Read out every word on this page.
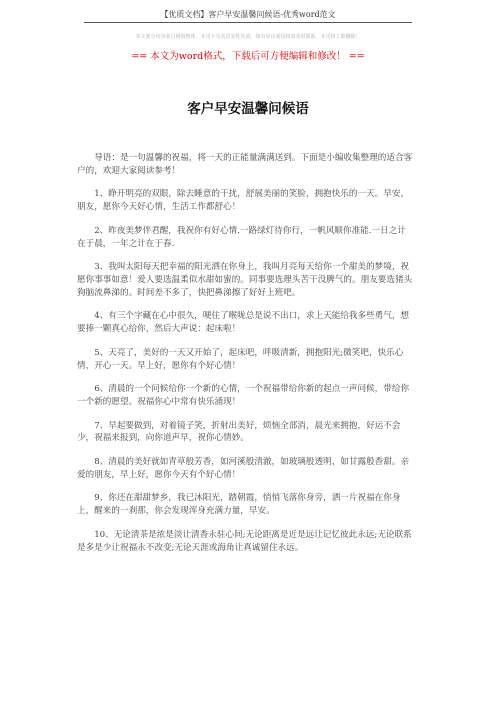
【优质文档】客户早安温馨问候语-优秀word范文
本文部分内容来自网络整理，本司不为其真实性负责，如有异议或侵权请及时联系，本司将立即删除！
== 本文为word格式，下载后可方便编辑和修改！ ==
客户早安温馨问候语

导语：是一句温馨的祝福，将一天的正能量满满送到。下面是小编收集整理的适合客户的，欢迎大家阅读参考！

1、睁开明亮的双眼，除去睡意的干扰，舒展美丽的笑脸，拥抱快乐的一天。早安，朋友，愿你今天好心情，生活工作都舒心！

2、昨夜美梦伴君醒，我祝你有好心情.一路绿灯待你行，一帆风顺你准能.一日之计在于晨，一年之计在于春.

3、我叫太阳每天把幸福的阳光洒在你身上，我叫月亮每天给你一个甜美的梦境，祝愿你事事如意！爱人要选温柔似水甜如蜜的。同事要选理头苦干没脾气的。朋友要选猪头狗脑流鼻涕的。时间差不多了，快把鼻涕擦了好好上班吧。

4、有三个字藏在心中很久，哽住了喉咙总是说不出口，求上天能给我多些勇气，想要捧一颗真心给你，然后大声说：起床啦！

5、天亮了，美好的一天又开始了，起床吧，呼吸清新，拥抱阳光;微笑吧，快乐心情，开心一天。早上好，愿你有个好心情！

6、清晨的一个问候给你一个新的心情，一个祝福带给你新的起点一声问候，带给你一个新的愿望。祝福你心中常有快乐涌现！

7、早起要做到，对着镜子笑，折射出美好，烦恼全部消，晨光来拥抱，好运不会少，祝福来报到，向你道声早，祝你心情妙。

8、清晨的美好就如青草般芳香，如河溪般清澈，如玻璃般透明，如甘露般香甜。亲爱的朋友，早上好，愿你今天有个好心情！

9、你还在甜甜梦乡，我已沐阳光，踏朝霞，悄悄飞落你身旁，洒一片祝福在你身上，醒来的一刹那，你会发现浑身充满力量，早安。

10、无论清茶是浓是淡让清香永驻心间;无论距离是近是远让记忆彼此永远;无论联系是多是少让祝福永不改变;无论天涯或海角让真诚留住永远。
